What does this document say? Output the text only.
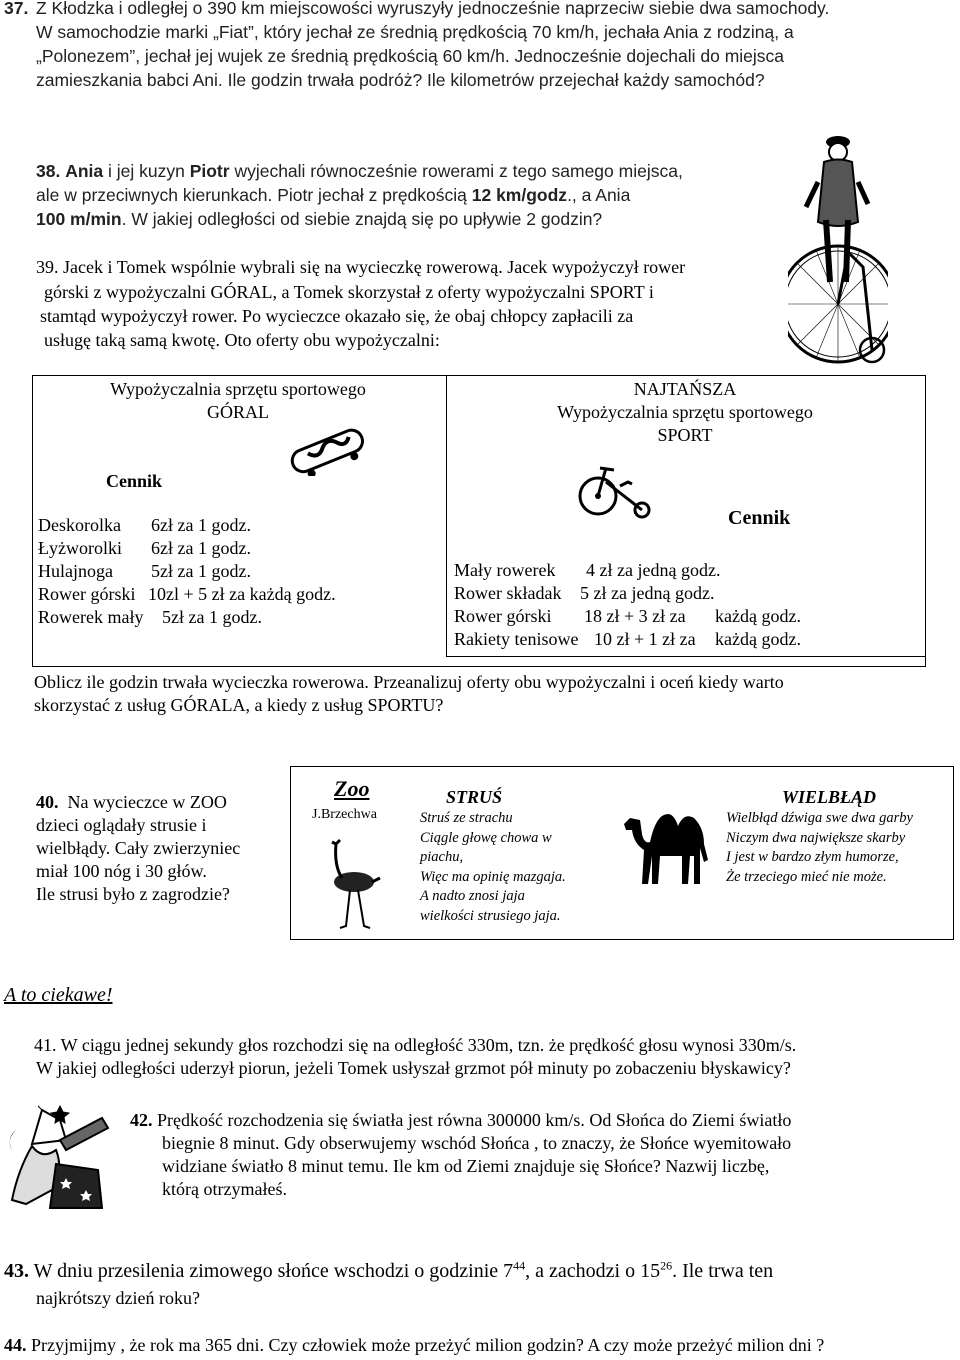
37. Z Kłodzka i odległej o 390 km miejscowości wyruszyły jednocześnie naprzeciw siebie dwa samochody.
W samochodzie marki „Fiat”, który jechał ze średnią prędkością 70 km/h, jechała Ania z rodziną, a
„Polonezem”, jechał jej wujek ze średnią prędkością 60 km/h. Jednocześnie dojechali do miejsca
zamieszkania babci Ani. Ile godzin trwała podróż? Ile kilometrów przejechał każdy samochód?
38. Ania i jej kuzyn Piotr wyjechali równocześnie rowerami z tego samego miejsca,
ale w przeciwnych kierunkach. Piotr jechał z prędkością 12 km/godz., a Ania
100 m/min. W jakiej odległości od siebie znajdą się po upływie 2 godzin?
39. Jacek i Tomek wspólnie wybrali się na wycieczkę rowerową. Jacek wypożyczył rower
górski z wypożyczalni GÓRAL, a Tomek skorzystał z oferty wypożyczalni SPORT i
stamtąd wypożyczył rower. Po wycieczce okazało się, że obaj chłopcy zapłacili za
usługę taką samą kwotę. Oto oferty obu wypożyczalni:
Wypożyczalnia sprzętu sportowego
GÓRAL
Cennik
Deskorolka 6zł za 1 godz.
Łyżworolki 6zł za 1 godz.
Hulajnoga 5zł za 1 godz.
Rower górski 10zl + 5 zł za każdą godz.
Rowerek mały 5zł za 1 godz.
NAJTAŃSZA
Wypożyczalnia sprzętu sportowego
SPORT
Cennik
Mały rowerek 4 zł za jedną godz.
Rower składak 5 zł za jedną godz.
Rower górski 18 zł + 3 zł za każdą godz.
Rakiety tenisowe 10 zł + 1 zł za każdą godz.
Oblicz ile godzin trwała wycieczka rowerowa. Przeanalizuj oferty obu wypożyczalni i oceń kiedy warto
skorzystać z usług GÓRALA, a kiedy z usług SPORTU?
40. Na wycieczce w ZOO
dzieci oglądały strusie i
wielbłądy. Cały zwierzyniec
miał 100 nóg i 30 głów.
Ile strusi było z zagrodzie?
Zoo
J.Brzechwa
STRUŚ
Struś ze strachu
Ciągle głowę chowa w
piachu,
Więc ma opinię mazgaja.
A nadto znosi jaja
wielkości strusiego jaja.
WIELBŁĄD
Wielbłąd dźwiga swe dwa garby
Niczym dwa największe skarby
I jest w bardzo złym humorze,
Że trzeciego mieć nie może.
A to ciekawe!
41. W ciągu jednej sekundy głos rozchodzi się na odległość 330m, tzn. że prędkość głosu wynosi 330m/s.
W jakiej odległości uderzył piorun, jeżeli Tomek usłyszał grzmot pół minuty po zobaczeniu błyskawicy?
42. Prędkość rozchodzenia się światła jest równa 300000 km/s. Od Słońca do Ziemi światło
biegnie 8 minut. Gdy obserwujemy wschód Słońca , to znaczy, że Słońce wyemitowało
widziane światło 8 minut temu. Ile km od Ziemi znajduje się Słońce? Nazwij liczbę,
którą otrzymałeś.
43. W dniu przesilenia zimowego słońce wschodzi o godzinie $7^{44}$, a zachodzi o $15^{26}$. Ile trwa ten
najkrótszy dzień roku?
44. Przyjmijmy , że rok ma 365 dni. Czy człowiek może przeżyć milion godzin? A czy może przeżyć milion dni ?
